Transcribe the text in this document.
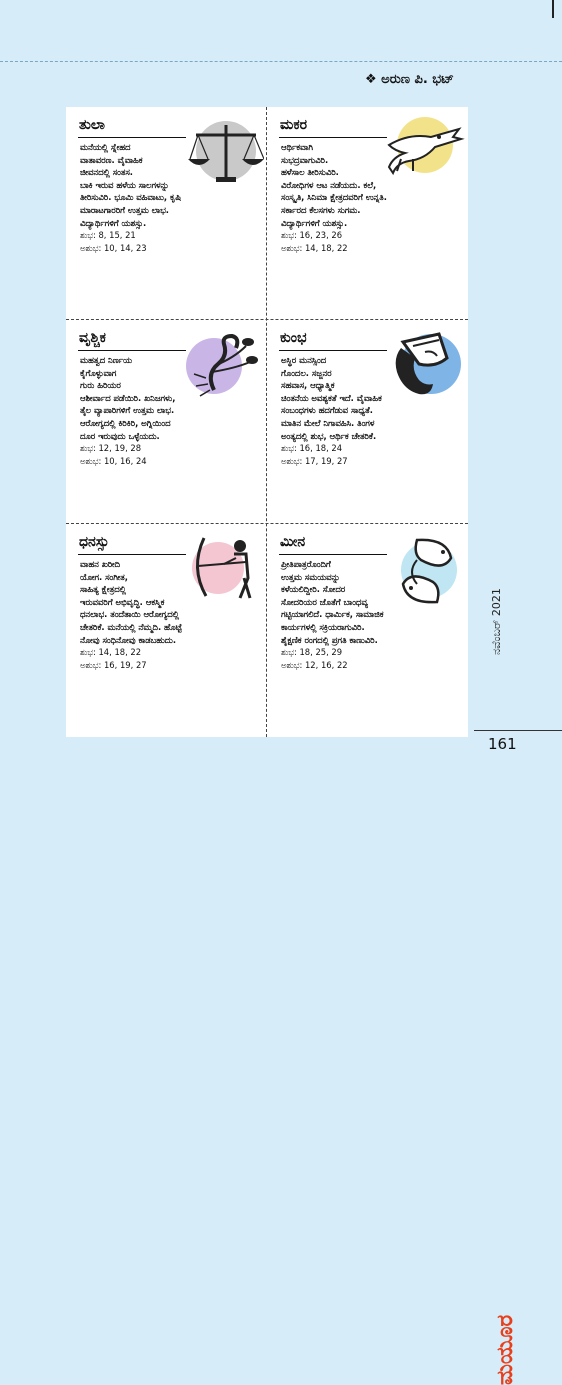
❖ ಅರುಣ ಪಿ. ಭಟ್
ತುಲಾ

ಮನೆಯಲ್ಲಿ ಸ್ನೇಹದ

ವಾತಾವರಣ. ವೈವಾಹಿಕ

ಜೀವನದಲ್ಲಿ ಸಂತಸ.

ಬಾಕಿ ಇರುವ ಹಳೆಯ ಸಾಲಗಳನ್ನು

ತೀರಿಸುವಿರಿ. ಭೂಮಿ ವಹಿವಾಟು, ಕೃಷಿ

ಮಾರಾಟಗಾರರಿಗೆ ಉತ್ತಮ ಲಾಭ.

ವಿದ್ಯಾರ್ಥಿಗಳಿಗೆ ಯಶಸ್ಸು.

ಶುಭ: 8, 15, 21

ಅಶುಭ: 10, 14, 23

ಮಕರ

ಆರ್ಥಿಕವಾಗಿ

ಸುಭದ್ರವಾಗುವಿರಿ.

ಹಳೆಸಾಲ ತೀರಿಸುವಿರಿ.

ವಿರೋಧಿಗಳ ಆಟ ನಡೆಯದು. ಕಲೆ,

ಸಂಸ್ಕೃತಿ, ಸಿನಿಮಾ ಕ್ಷೇತ್ರದವರಿಗೆ ಉನ್ನತಿ.

ಸರ್ಕಾರದ ಕೆಲಸಗಳು ಸುಗಮ.

ವಿದ್ಯಾರ್ಥಿಗಳಿಗೆ ಯಶಸ್ಸು.

ಶುಭ: 16, 23, 26

ಅಶುಭ: 14, 18, 22

ವೃಶ್ಚಿಕ

ಮಹತ್ವದ ನಿರ್ಣಯ

ಕೈಗೊಳ್ಳುವಾಗ

ಗುರು ಹಿರಿಯರ

ಆಶೀರ್ವಾದ ಪಡೆಯಿರಿ. ಖನಿಜಗಳು,

ತೈಲ ವ್ಯಾಪಾರಿಗಳಿಗೆ ಉತ್ತಮ ಲಾಭ.

ಆರೋಗ್ಯದಲ್ಲಿ ಕಿರಿಕಿರಿ, ಅಗ್ನಿಯಿಂದ

ದೂರ ಇರುವುದು ಒಳ್ಳೆಯದು.

ಶುಭ: 12, 19, 28

ಅಶುಭ: 10, 16, 24

ಕುಂಭ

ಅಸ್ಥಿರ ಮನಸ್ಸಿಂದ

ಗೊಂದಲ. ಸಜ್ಜನರ

ಸಹವಾಸ, ಆಧ್ಯಾತ್ಮಿಕ

ಚಿಂತನೆಯ ಅವಶ್ಯಕತೆ ಇದೆ. ವೈವಾಹಿಕ

ಸಂಬಂಧಗಳು ಹದಗೆಡುವ ಸಾಧ್ಯತೆ.

ಮಾತಿನ ಮೇಲೆ ನಿಗಾವಹಿಸಿ. ತಿಂಗಳ

ಅಂತ್ಯದಲ್ಲಿ ಶುಭ, ಆರ್ಥಿಕ ಚೇತರಿಕೆ.

ಶುಭ: 16, 18, 24

ಅಶುಭ: 17, 19, 27

ಧನಸ್ಸು

ವಾಹನ ಖರೀದಿ

ಯೋಗ. ಸಂಗೀತ,

ಸಾಹಿತ್ಯ ಕ್ಷೇತ್ರದಲ್ಲಿ

ಇರುವವರಿಗೆ ಅಭಿವೃದ್ಧಿ. ಆಕಸ್ಮಿಕ

ಧನಲಾಭ. ತಂದೆತಾಯಿ ಆರೋಗ್ಯದಲ್ಲಿ

ಚೇತರಿಕೆ. ಮನೆಯಲ್ಲಿ ನೆಮ್ಮದಿ. ಹೊಟ್ಟೆ

ನೋವು ಸಂಧಿನೋವು ಕಾಡಬಹುದು.

ಶುಭ: 14, 18, 22

ಅಶುಭ: 16, 19, 27

ಮೀನ

ಪ್ರೀತಿಪಾತ್ರರೊಂದಿಗೆ

ಉತ್ತಮ ಸಮಯವನ್ನು

ಕಳೆಯಲಿದ್ದೀರಿ. ಸೋದರ

ಸೋದರಿಯರ ಜೊತೆಗೆ ಬಾಂಧವ್ಯ

ಗಟ್ಟಿಯಾಗಲಿದೆ. ಧಾರ್ಮಿಕ, ಸಾಮಾಜಿಕ

ಕಾರ್ಯಗಳಲ್ಲಿ ಸಕ್ರಿಯರಾಗುವಿರಿ.

ಶೈಕ್ಷಣಿಕ ರಂಗದಲ್ಲಿ ಪ್ರಗತಿ ಕಾಣುವಿರಿ.

ಶುಭ: 18, 25, 29

ಅಶುಭ: 12, 16, 22

ಮಯೂರ
ನವೆಂಬರ್ 2021
161
